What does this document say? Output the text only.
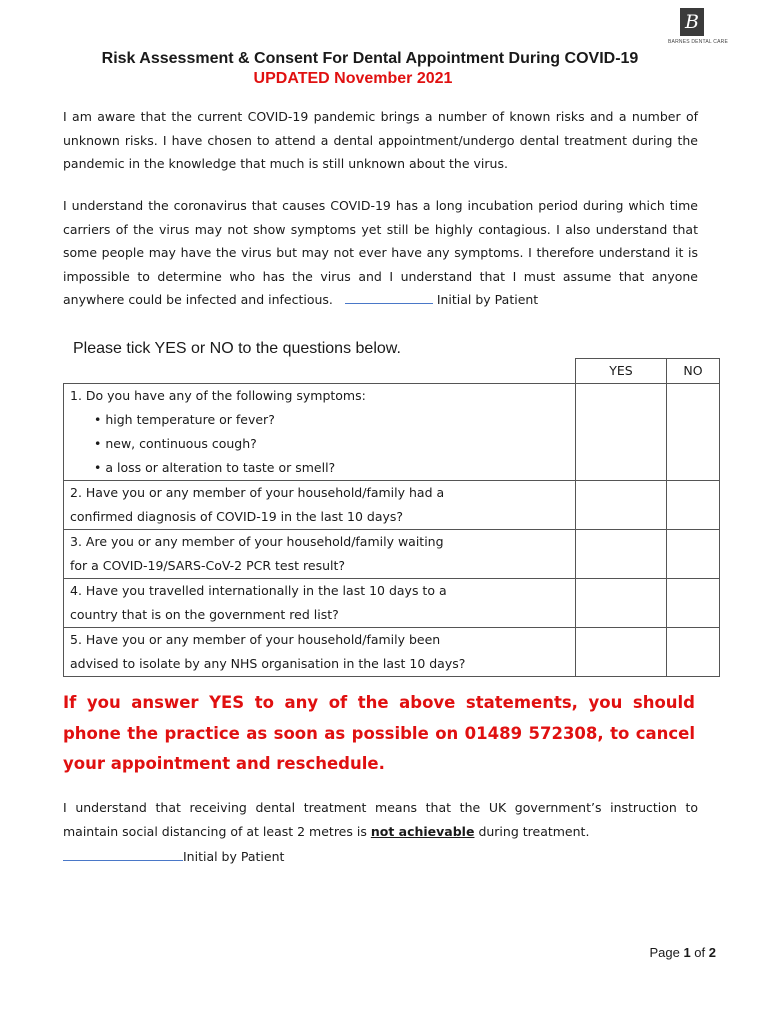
B
BARNES DENTAL CARE
Risk Assessment & Consent For Dental Appointment During COVID-19
UPDATED November 2021
I am aware that the current COVID-19 pandemic brings a number of known risks and a number of unknown risks. I have chosen to attend a dental appointment/undergo dental treatment during the pandemic in the knowledge that much is still unknown about the virus.
I understand the coronavirus that causes COVID-19 has a long incubation period during which time carriers of the virus may not show symptoms yet still be highly contagious. I also understand that some people may have the virus but may not ever have any symptoms. I therefore understand it is impossible to determine who has the virus and I understand that I must assume that anyone anywhere could be infected and infectious.	Initial by Patient
Please tick YES or NO to the questions below.
	YES	NO

1. Do you have any of the following symptoms:
• high temperature or fever?
• new, continuous cough?
• a loss or alteration to taste or smell?		

2. Have you or any member of your household/family had a
confirmed diagnosis of COVID-19 in the last 10 days?		

3. Are you or any member of your household/family waiting
for a COVID-19/SARS-CoV-2 PCR test result?		

4. Have you travelled internationally in the last 10 days to a
country that is on the government red list?		

5. Have you or any member of your household/family been
advised to isolate by any NHS organisation in the last 10 days?		

If you answer YES to any of the above statements, you should phone the practice as soon as possible on 01489 572308, to cancel your appointment and reschedule.
I understand that receiving dental treatment means that the UK government’s instruction to maintain social distancing of at least 2 metres is not achievable during treatment.
Initial by Patient
Page 1 of 2
